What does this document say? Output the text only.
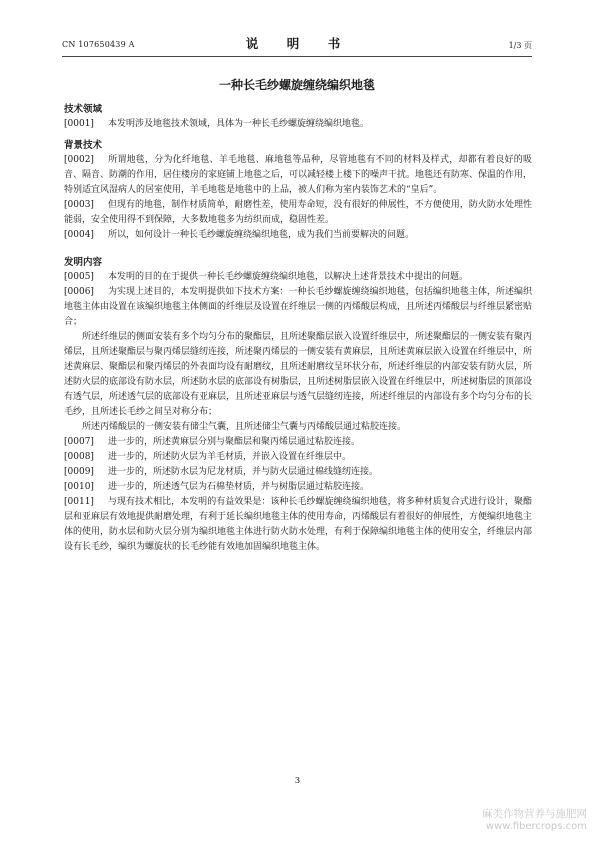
CN 107650439 A	说　明　书	1/3 页
一种长毛纱螺旋缠绕编织地毯
技术领域
[0001] 本发明涉及地毯技术领域，具体为一种长毛纱螺旋缠绕编织地毯。
背景技术
[0002] 所谓地毯，分为化纤地毯、羊毛地毯、麻地毯等品种，尽管地毯有不同的材料及样式，却都有着良好的吸音、隔音、防潮的作用，居住楼房的家庭铺上地毯之后，可以减轻楼上楼下的噪声干扰。地毯还有防寒、保温的作用，特别适宜风湿病人的居室使用，羊毛地毯是地毯中的上品，被人们称为室内装饰艺术的“皇后”。
[0003] 但现有的地毯，制作材质简单，耐磨性差，使用寿命短，没有很好的伸展性，不方便使用，防火防水处理性能弱，安全使用得不到保障，大多数地毯多为纺织而成，稳固性差。
[0004] 所以，如何设计一种长毛纱螺旋缠绕编织地毯，成为我们当前要解决的问题。
发明内容
[0005] 本发明的目的在于提供一种长毛纱螺旋缠绕编织地毯，以解决上述背景技术中提出的问题。
[0006] 为实现上述目的，本发明提供如下技术方案：一种长毛纱螺旋缠绕编织地毯，包括编织地毯主体，所述编织地毯主体由设置在该编织地毯主体侧面的纤维层及设置在纤维层一侧的丙烯酸层构成，且所述丙烯酸层与纤维层紧密贴合；
所述纤维层的侧面安装有多个均匀分布的聚酯层，且所述聚酯层嵌入设置纤维层中，所述聚酯层的一侧安装有聚丙烯层，且所述聚酯层与聚丙烯层缝纫连接，所述聚丙烯层的一侧安装有黄麻层，且所述黄麻层嵌入设置在纤维层中，所述黄麻层、聚酯层和聚丙烯层的外表面均设有耐磨纹，且所述耐磨纹呈环状分布，所述纤维层的内部安装有防火层，所述防火层的底部设有防水层，所述防水层的底部设有树脂层，且所述树脂层嵌入设置在纤维层中，所述树脂层的顶部设有透气层，所述透气层的底部设有亚麻层，且所述亚麻层与透气层缝纫连接，所述纤维层的内部设有多个均匀分布的长毛纱，且所述长毛纱之间呈对称分布；
所述丙烯酸层的一侧安装有储尘气囊，且所述储尘气囊与丙烯酸层通过粘胶连接。
[0007] 进一步的，所述黄麻层分别与聚酯层和聚丙烯层通过粘胶连接。
[0008] 进一步的，所述防火层为羊毛材质，并嵌入设置在纤维层中。
[0009] 进一步的，所述防水层为尼龙材质，并与防火层通过棉线缝纫连接。
[0010] 进一步的，所述透气层为石棉垫材质，并与树脂层通过粘胶连接。
[0011] 与现有技术相比，本发明的有益效果是：该种长毛纱螺旋缠绕编织地毯，将多种材质复合式进行设计，聚酯层和亚麻层有效地提供耐磨处理，有利于延长编织地毯主体的使用寿命，丙烯酸层有着很好的伸展性，方便编织地毯主体的使用，防水层和防火层分别为编织地毯主体进行防火防水处理，有利于保障编织地毯主体的使用安全，纤维层内部设有长毛纱，编织为螺旋状的长毛纱能有效地加固编织地毯主体。
3
麻类作物营养与施肥网
www.fibercrops.com
